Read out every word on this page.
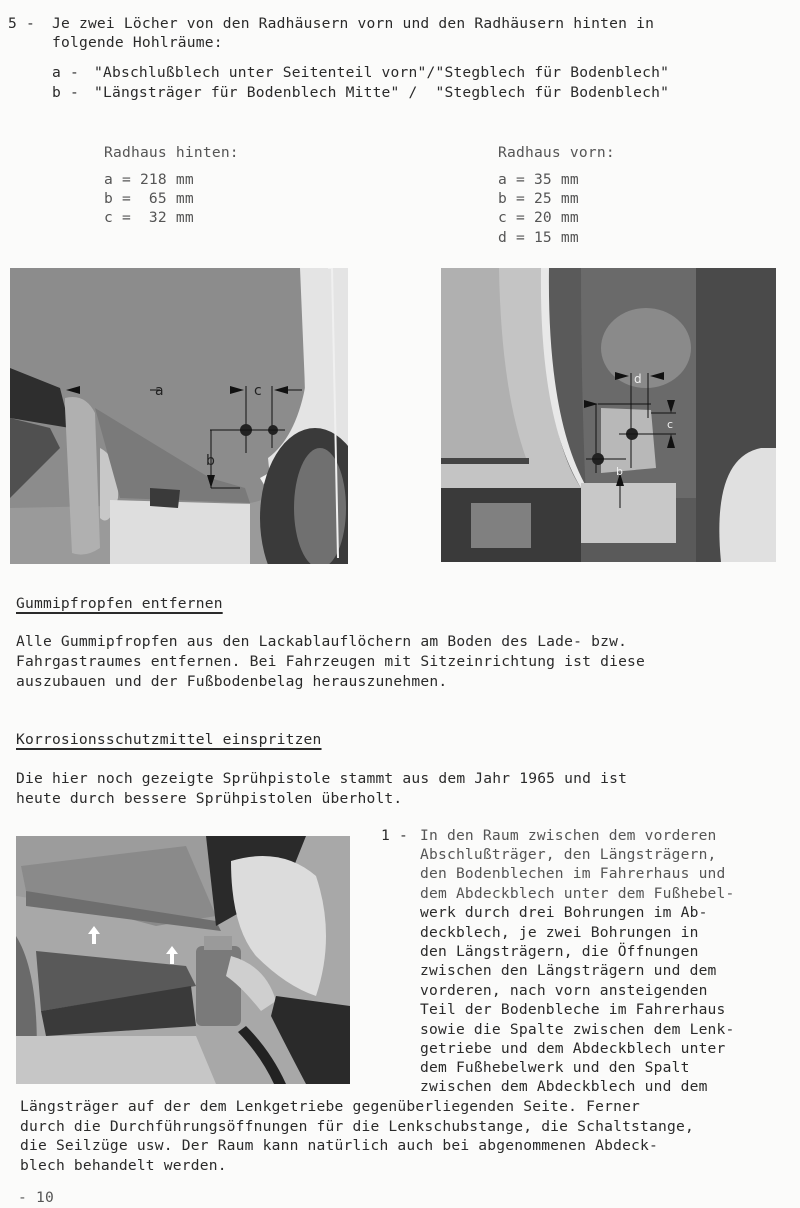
5 - Je zwei Löcher von den Radhäusern vorn und den Radhäusern hinten in
folgende Hohlräume:
a - "Abschlußblech unter Seitenteil vorn"/"Stegblech für Bodenblech"
b - "Längsträger für Bodenblech Mitte" /  "Stegblech für Bodenblech"
Radhaus hinten:
a = 218 mm
b =  65 mm
c =  32 mm
Radhaus vorn:
a = 35 mm
b = 25 mm
c = 20 mm
d = 15 mm
a
b
c
d
c
b
Gummipfropfen entfernen
Alle Gummipfropfen aus den Lackablauflöchern am Boden des Lade- bzw.
Fahrgastraumes entfernen. Bei Fahrzeugen mit Sitzeinrichtung ist diese
auszubauen und der Fußbodenbelag herauszunehmen.
Korrosionsschutzmittel einspritzen
Die hier noch gezeigte Sprühpistole stammt aus dem Jahr 1965 und ist
heute durch bessere Sprühpistolen überholt.
1 - In den Raum zwischen dem vorderen
Abschlußträger, den Längsträgern,
den Bodenblechen im Fahrerhaus und
dem Abdeckblech unter dem Fußhebel-
werk durch drei Bohrungen im Ab-
deckblech, je zwei Bohrungen in
den Längsträgern, die Öffnungen
zwischen den Längsträgern und dem
vorderen, nach vorn ansteigenden
Teil der Bodenbleche im Fahrerhaus
sowie die Spalte zwischen dem Lenk-
getriebe und dem Abdeckblech unter
dem Fußhebelwerk und den Spalt
zwischen dem Abdeckblech und dem
Längsträger auf der dem Lenkgetriebe gegenüberliegenden Seite. Ferner
durch die Durchführungsöffnungen für die Lenkschubstange, die Schaltstange,
die Seilzüge usw. Der Raum kann natürlich auch bei abgenommenen Abdeck-
blech behandelt werden.
- 10
